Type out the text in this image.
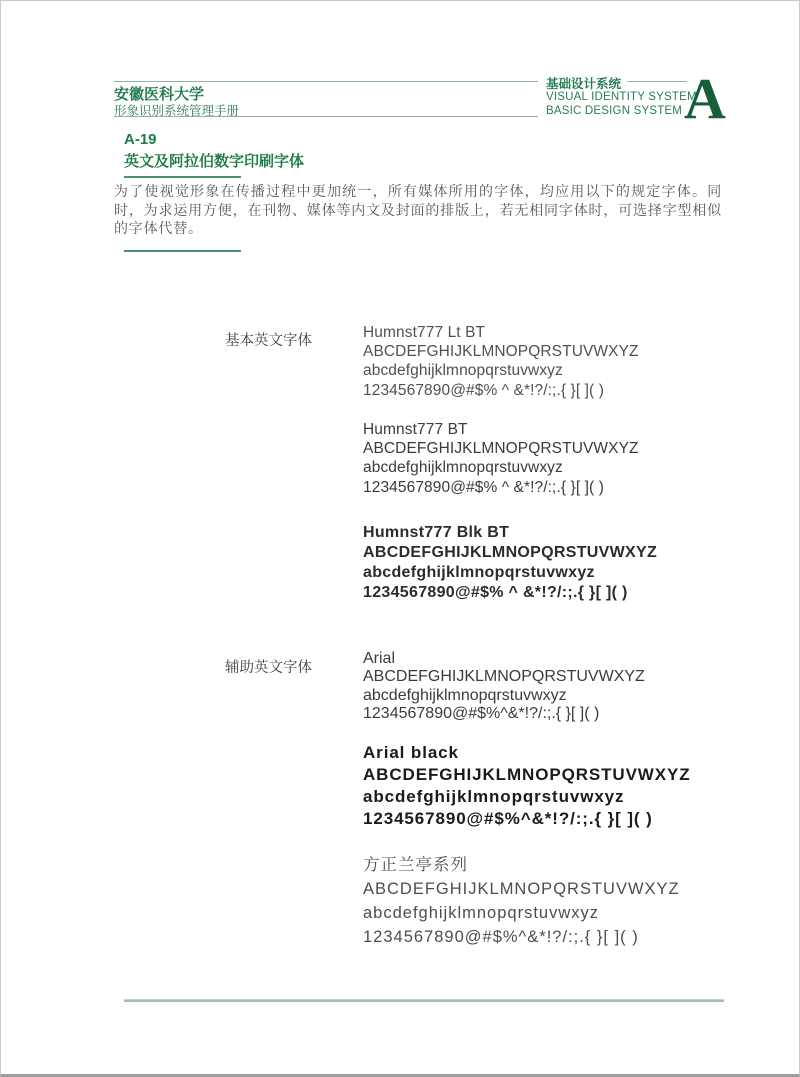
安徽医科大学
形象识别系统管理手册
基础设计系统
VISUAL IDENTITY SYSTEM
BASIC DESIGN SYSTEM A
A-19
英文及阿拉伯数字印刷字体
为了使视觉形象在传播过程中更加统一，所有媒体所用的字体，均应用以下的规定字体。同时，为求运用方便，在刊物、媒体等内文及封面的排版上，若无相同字体时，可选择字型相似的字体代替。
基本英文字体
辅助英文字体
Humnst777 Lt BT
ABCDEFGHIJKLMNOPQRSTUVWXYZ
abcdefghijklmnopqrstuvwxyz
1234567890@#$% ^ &*!?/:;.{ }[ ]( )
Humnst777 BT
ABCDEFGHIJKLMNOPQRSTUVWXYZ
abcdefghijklmnopqrstuvwxyz
1234567890@#$% ^ &*!?/:;.{ }[ ]( )
Humnst777 Blk BT
ABCDEFGHIJKLMNOPQRSTUVWXYZ
abcdefghijklmnopqrstuvwxyz
1234567890@#$% ^ &*!?/:;.{ }[ ]( )
Arial
ABCDEFGHIJKLMNOPQRSTUVWXYZ
abcdefghijklmnopqrstuvwxyz
1234567890@#$%^&*!?/:;.{ }[ ]( )
Arial black
ABCDEFGHIJKLMNOPQRSTUVWXYZ
abcdefghijklmnopqrstuvwxyz
1234567890@#$%^&*!?/:;.{ }[ ]( )
方正兰亭系列
ABCDEFGHIJKLMNOPQRSTUVWXYZ
abcdefghijklmnopqrstuvwxyz
1234567890@#$%^&*!?/:;.{ }[ ]( )
